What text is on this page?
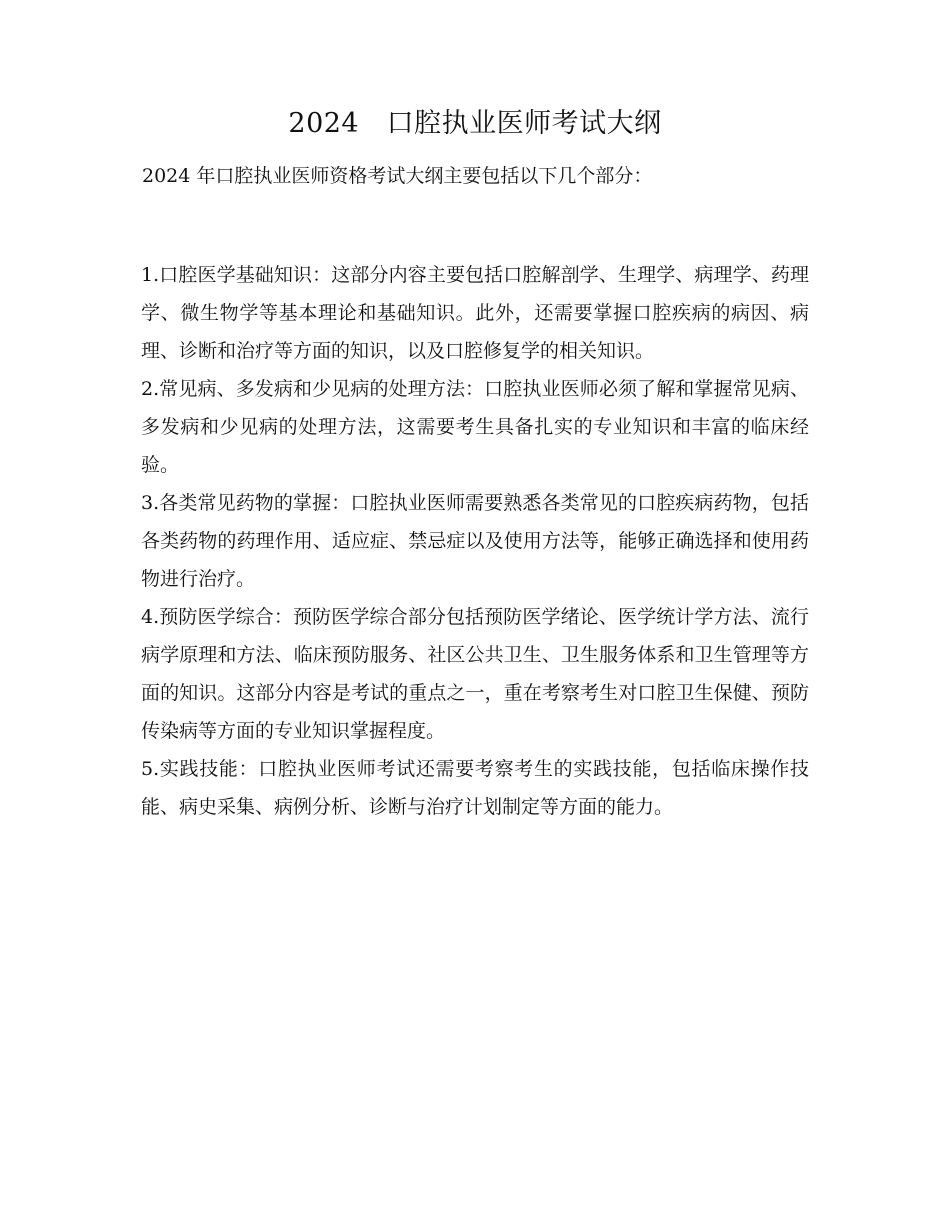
2024　口腔执业医师考试大纲

2024 年口腔执业医师资格考试大纲主要包括以下几个部分：

1.口腔医学基础知识：这部分内容主要包括口腔解剖学、生理学、病理学、药理学、微生物学等基本理论和基础知识。此外，还需要掌握口腔疾病的病因、病理、诊断和治疗等方面的知识，以及口腔修复学的相关知识。

2.常见病、多发病和少见病的处理方法：口腔执业医师必须了解和掌握常见病、多发病和少见病的处理方法，这需要考生具备扎实的专业知识和丰富的临床经验。

3.各类常见药物的掌握：口腔执业医师需要熟悉各类常见的口腔疾病药物，包括各类药物的药理作用、适应症、禁忌症以及使用方法等，能够正确选择和使用药物进行治疗。

4.预防医学综合：预防医学综合部分包括预防医学绪论、医学统计学方法、流行病学原理和方法、临床预防服务、社区公共卫生、卫生服务体系和卫生管理等方面的知识。这部分内容是考试的重点之一，重在考察考生对口腔卫生保健、预防传染病等方面的专业知识掌握程度。

5.实践技能：口腔执业医师考试还需要考察考生的实践技能，包括临床操作技能、病史采集、病例分析、诊断与治疗计划制定等方面的能力。
